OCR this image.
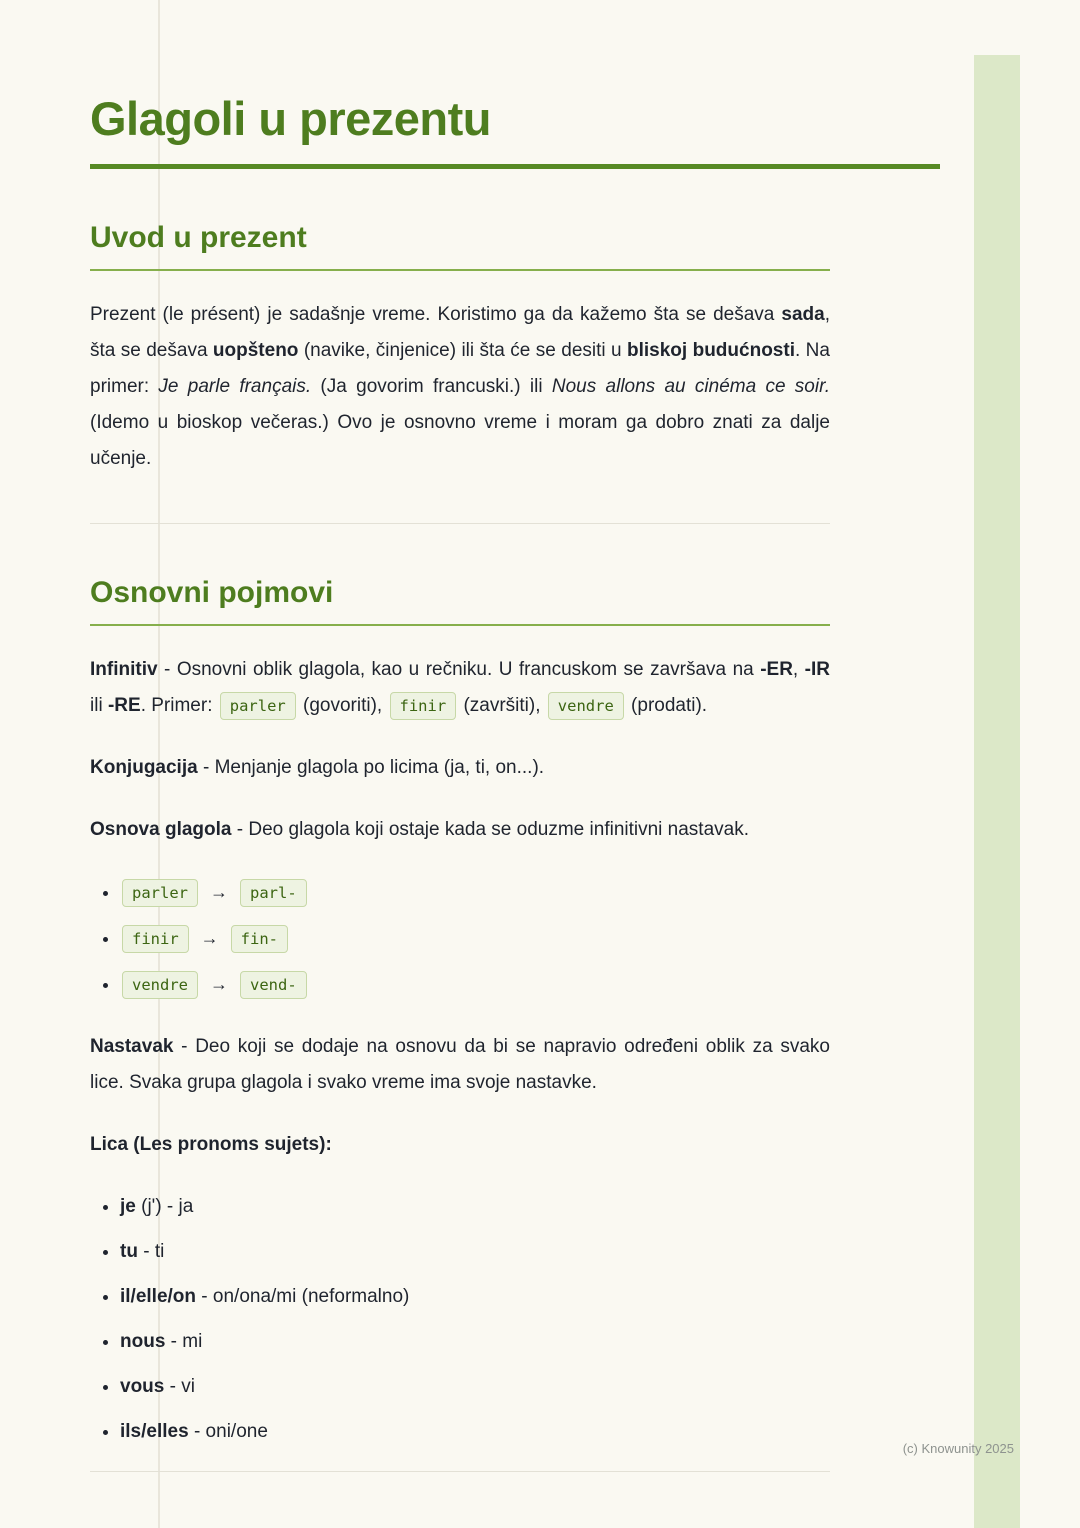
Glagoli u prezentu
Uvod u prezent

Prezent (le présent) je sadašnje vreme. Koristimo ga da kažemo šta se dešava sada, šta se dešava uopšteno (navike, činjenice) ili šta će se desiti u bliskoj budućnosti. Na primer: Je parle français. (Ja govorim francuski.) ili Nous allons au cinéma ce soir. (Idemo u bioskop večeras.) Ovo je osnovno vreme i moram ga dobro znati za dalje učenje.

Osnovni pojmovi

Infinitiv - Osnovni oblik glagola, kao u rečniku. U francuskom se završava na -ER, -IR ili -RE. Primer: parler (govoriti), finir (završiti), vendre (prodati).

Konjugacija - Menjanje glagola po licima (ja, ti, on...).

Osnova glagola - Deo glagola koji ostaje kada se oduzme infinitivni nastavak.

• parler → parl-
• finir → fin-
• vendre → vend-

Nastavak - Deo koji se dodaje na osnovu da bi se napravio određeni oblik za svako lice. Svaka grupa glagola i svako vreme ima svoje nastavke.

Lica (Les pronoms sujets):

• je (j') - ja
• tu - ti
• il/elle/on - on/ona/mi (neformalno)
• nous - mi
• vous - vi
• ils/elles - oni/one
(c) Knowunity 2025
